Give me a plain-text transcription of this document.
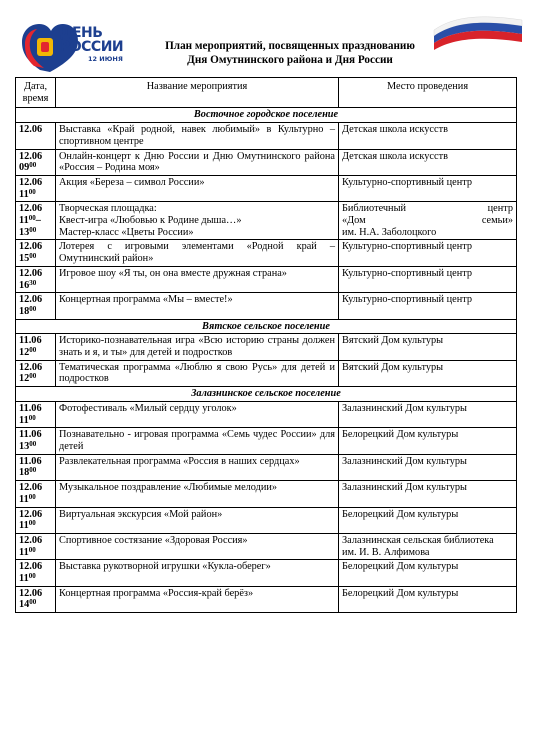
ДЕНЬ
РОССИИ
12 ИЮНЯ
План мероприятий, посвященных празднованию
Дня Омутнинского района и Дня России
Дата, время	Название мероприятия	Место проведения
Восточное городское поселение		

12.06	Выставка «Край родной, навек любимый» в Культурно – спортивном центре	Детская школа искусств

12.06
$09^{00}$	Онлайн-концерт к Дню России и Дню Омутнинского района «Россия – Родина моя»	Детская школа искусств

12.06
$11^{00}$	Акция «Береза – символ России»	Культурно-спортивный центр

12.06
$11^{00}-$
$13^{00}$	Творческая площадка:
Квест-игра «Любовью к Родине дыша…»
Мастер-класс «Цветы России»	Библиотечный центр
«Дом семьи»
им. Н.А. Заболоцкого

12.06
$15^{00}$	Лотерея с игровыми элементами «Родной край – Омутнинский район»	Культурно-спортивный центр

12.06
$16^{30}$	Игровое шоу «Я ты, он она вместе дружная страна»	Культурно-спортивный центр

12.06
$18^{00}$	Концертная программа «Мы – вместе!»	Культурно-спортивный центр
Вятское сельское поселение		

11.06
$12^{00}$	Историко-познавательная игра «Всю историю страны должен знать и я, и ты» для детей и подростков	Вятский Дом культуры

12.06
$12^{00}$	Тематическая программа «Люблю я свою Русь» для детей и подростков	Вятский Дом культуры
Залазнинское сельское поселение		

11.06
$11^{00}$	Фотофестиваль «Милый сердцу уголок»	Залазнинский Дом культуры

11.06
$13^{00}$	Познавательно - игровая программа «Семь чудес России» для детей	Белорецкий Дом культуры

11.06
$18^{00}$	Развлекательная программа «Россия в наших сердцах»	Залазнинский Дом культуры

12.06
$11^{00}$	Музыкальное поздравление «Любимые мелодии»	Залазнинский Дом культуры

12.06
$11^{00}$	Виртуальная экскурсия «Мой район»	Белорецкий Дом культуры

12.06
$11^{00}$	Спортивное состязание «Здоровая Россия»	Залазнинская сельская библиотека
им. И. В. Алфимова

12.06
$11^{00}$	Выставка рукотворной игрушки «Кукла-оберег»	Белорецкий Дом культуры

12.06
$14^{00}$	Концертная программа «Россия-край берёз»	Белорецкий Дом культуры
